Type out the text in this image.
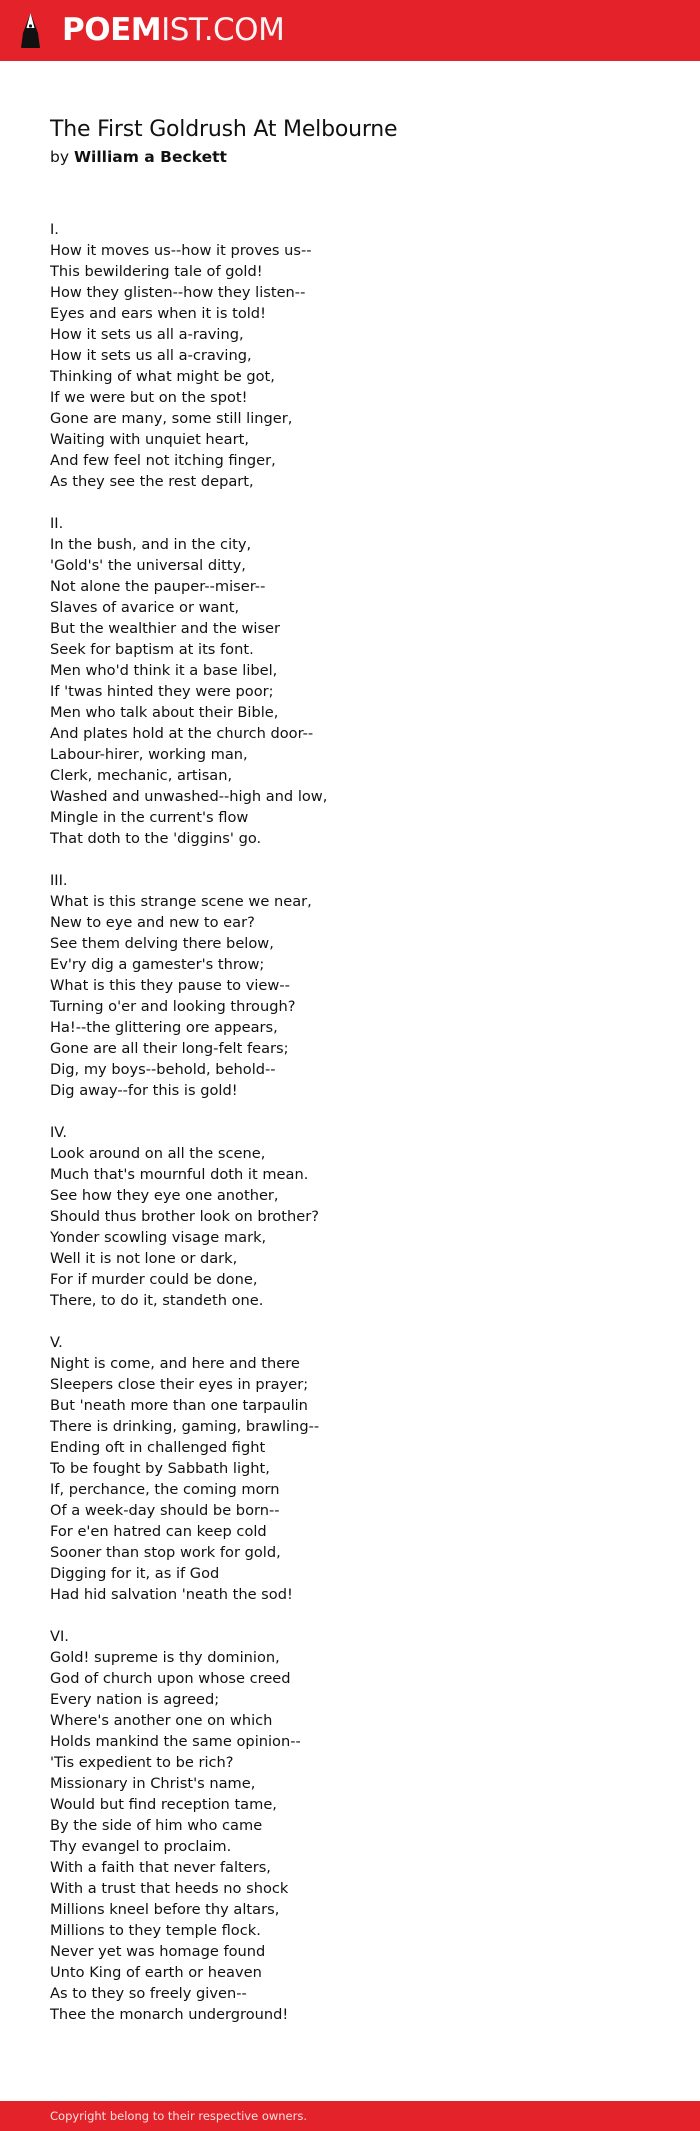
POEMIST.COM
The First Goldrush At Melbourne
by William a Beckett
I.
How it moves us--how it proves us--
This bewildering tale of gold!
How they glisten--how they listen--
Eyes and ears when it is told!
How it sets us all a-raving,
How it sets us all a-craving,
Thinking of what might be got,
If we were but on the spot!
Gone are many, some still linger,
Waiting with unquiet heart,
And few feel not itching finger,
As they see the rest depart,
II.
In the bush, and in the city,
'Gold's' the universal ditty,
Not alone the pauper--miser--
Slaves of avarice or want,
But the wealthier and the wiser
Seek for baptism at its font.
Men who'd think it a base libel,
If 'twas hinted they were poor;
Men who talk about their Bible,
And plates hold at the church door--
Labour-hirer, working man,
Clerk, mechanic, artisan,
Washed and unwashed--high and low,
Mingle in the current's flow
That doth to the 'diggins' go.
III.
What is this strange scene we near,
New to eye and new to ear?
See them delving there below,
Ev'ry dig a gamester's throw;
What is this they pause to view--
Turning o'er and looking through?
Ha!--the glittering ore appears,
Gone are all their long-felt fears;
Dig, my boys--behold, behold--
Dig away--for this is gold!
IV.
Look around on all the scene,
Much that's mournful doth it mean.
See how they eye one another,
Should thus brother look on brother?
Yonder scowling visage mark,
Well it is not lone or dark,
For if murder could be done,
There, to do it, standeth one.
V.
Night is come, and here and there
Sleepers close their eyes in prayer;
But 'neath more than one tarpaulin
There is drinking, gaming, brawling--
Ending oft in challenged fight
To be fought by Sabbath light,
If, perchance, the coming morn
Of a week-day should be born--
For e'en hatred can keep cold
Sooner than stop work for gold,
Digging for it, as if God
Had hid salvation 'neath the sod!
VI.
Gold! supreme is thy dominion,
God of church upon whose creed
Every nation is agreed;
Where's another one on which
Holds mankind the same opinion--
'Tis expedient to be rich?
Missionary in Christ's name,
Would but find reception tame,
By the side of him who came
Thy evangel to proclaim.
With a faith that never falters,
With a trust that heeds no shock
Millions kneel before thy altars,
Millions to they temple flock.
Never yet was homage found
Unto King of earth or heaven
As to they so freely given--
Thee the monarch underground!
Copyright belong to their respective owners.
